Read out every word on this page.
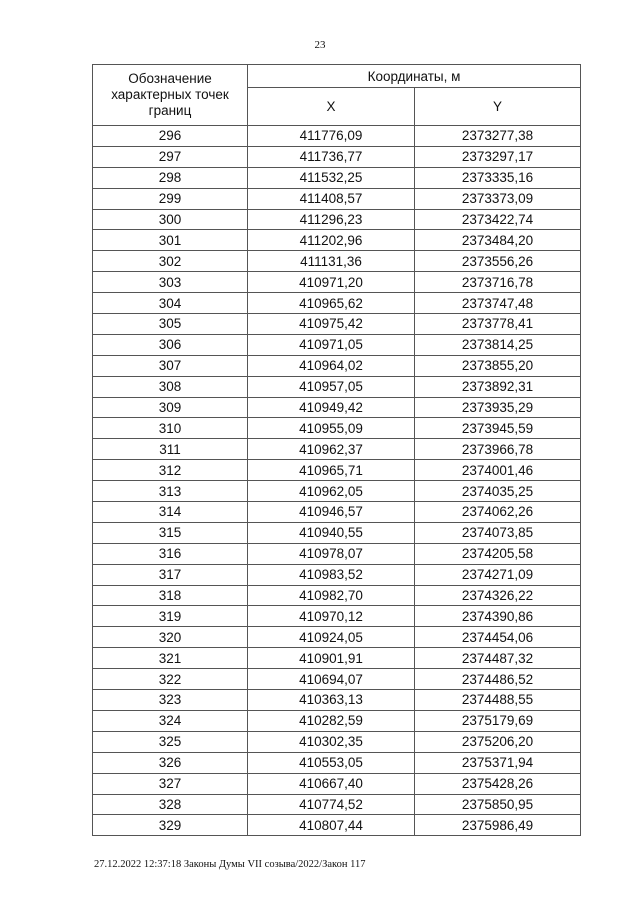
23
Обозначение характерных точек границ	Координаты, м	
	X	Y
296	411776,09	2373277,38
297	411736,77	2373297,17
298	411532,25	2373335,16
299	411408,57	2373373,09
300	411296,23	2373422,74
301	411202,96	2373484,20
302	411131,36	2373556,26
303	410971,20	2373716,78
304	410965,62	2373747,48
305	410975,42	2373778,41
306	410971,05	2373814,25
307	410964,02	2373855,20
308	410957,05	2373892,31
309	410949,42	2373935,29
310	410955,09	2373945,59
311	410962,37	2373966,78
312	410965,71	2374001,46
313	410962,05	2374035,25
314	410946,57	2374062,26
315	410940,55	2374073,85
316	410978,07	2374205,58
317	410983,52	2374271,09
318	410982,70	2374326,22
319	410970,12	2374390,86
320	410924,05	2374454,06
321	410901,91	2374487,32
322	410694,07	2374486,52
323	410363,13	2374488,55
324	410282,59	2375179,69
325	410302,35	2375206,20
326	410553,05	2375371,94
327	410667,40	2375428,26
328	410774,52	2375850,95
329	410807,44	2375986,49
27.12.2022 12:37:18 Законы Думы VII созыва/2022/Закон 117
